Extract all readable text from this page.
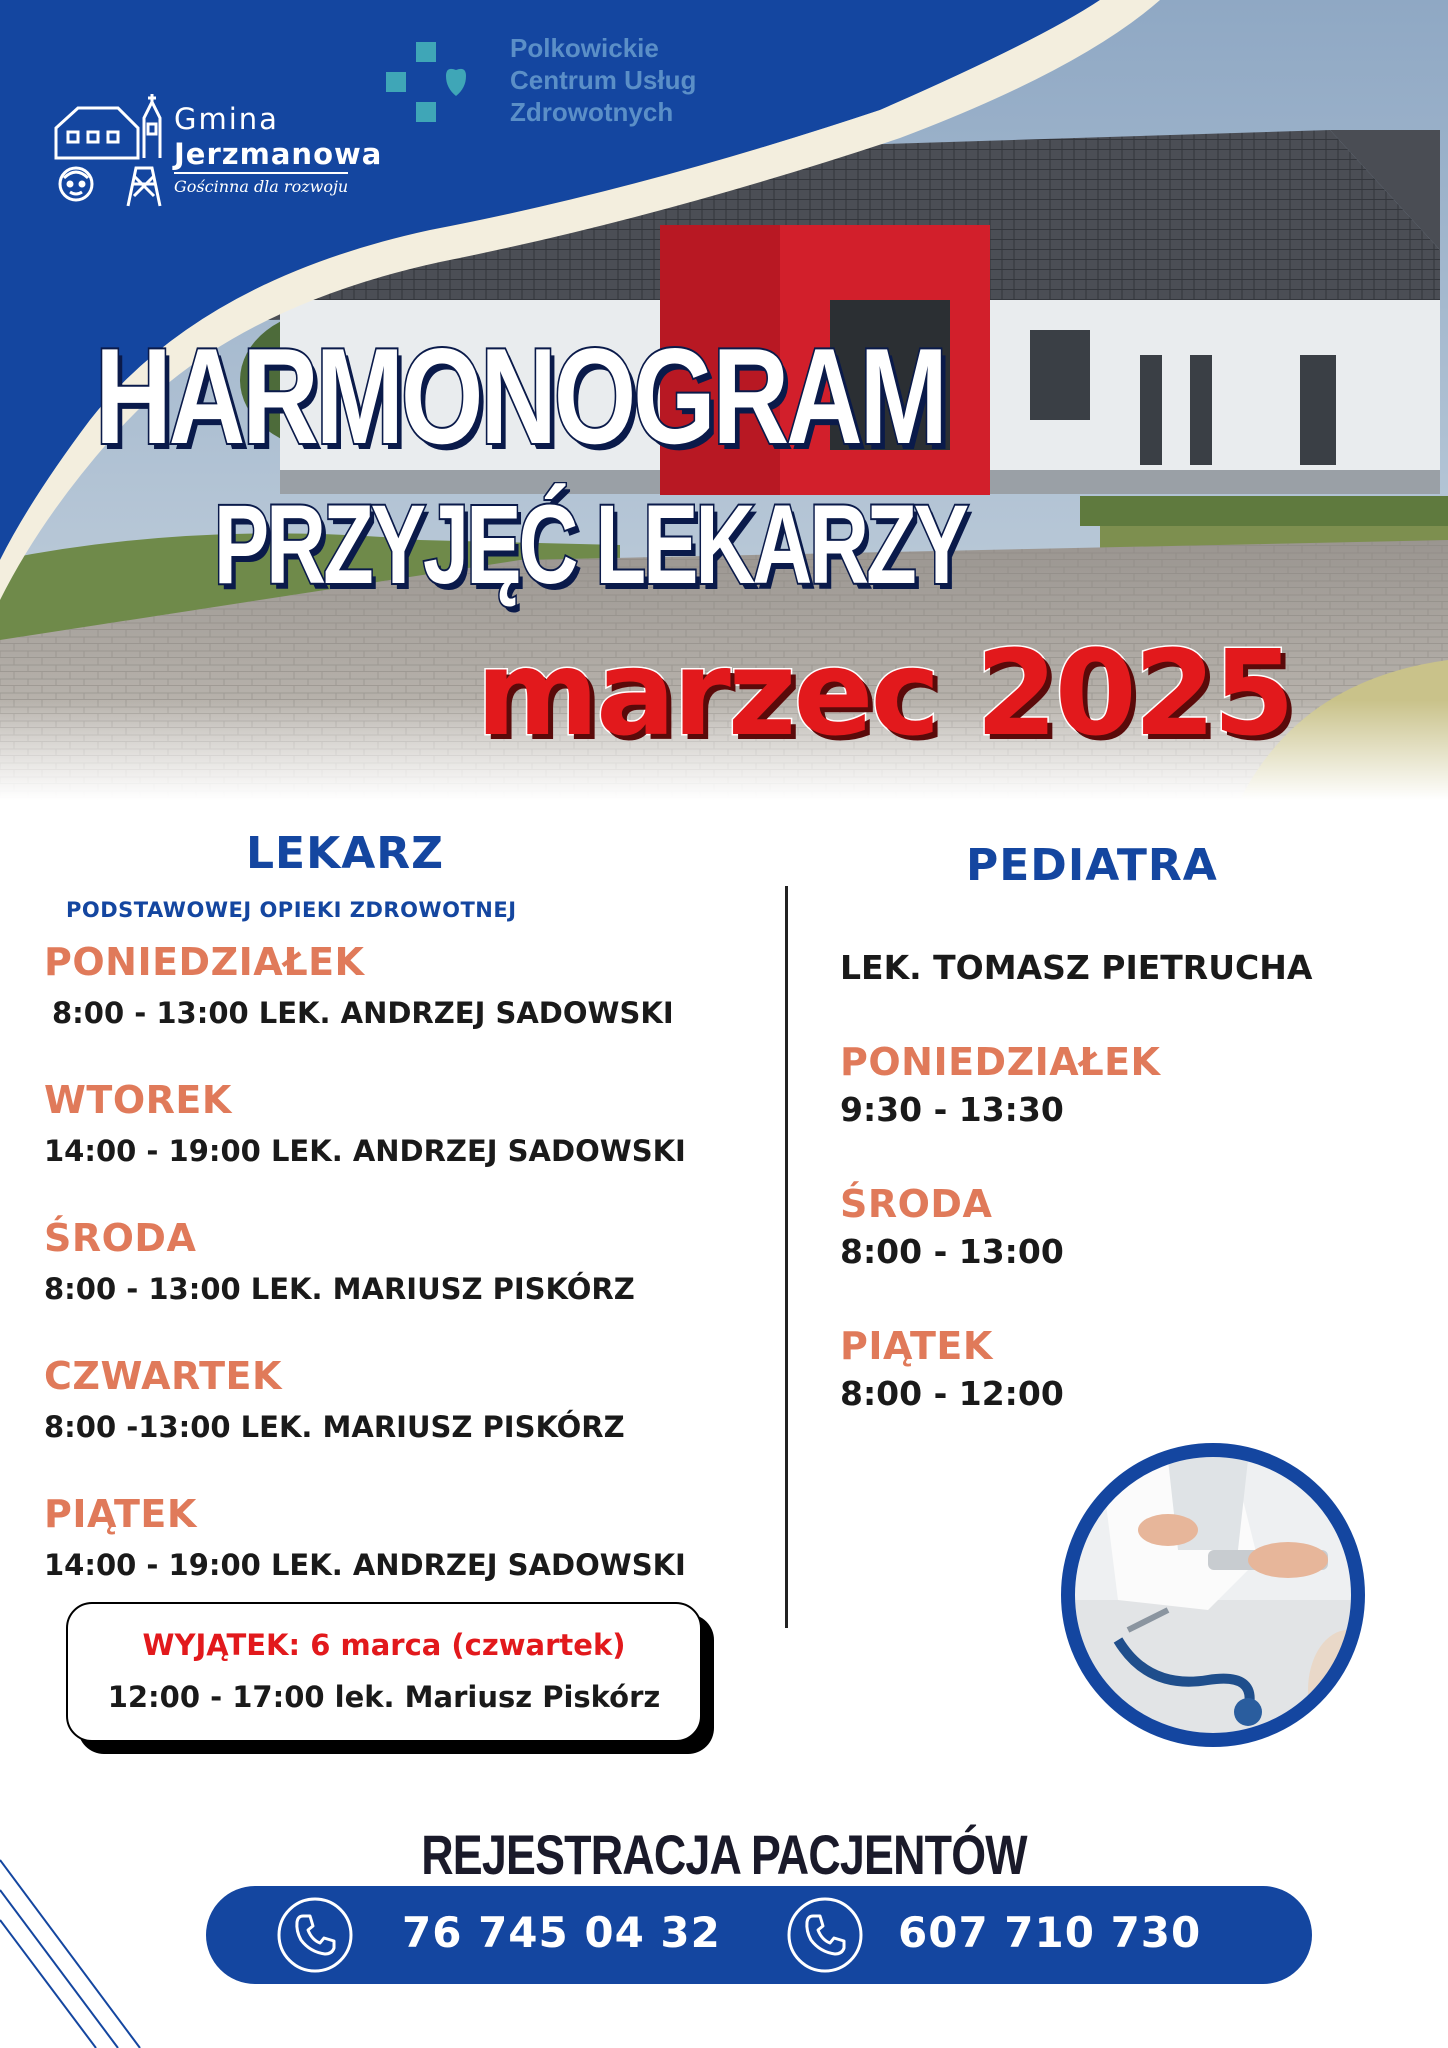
Gmina
Jerzmanowa
Gościnna dla rozwoju
Polkowickie
Centrum Usług
Zdrowotnych
HARMONOGRAM
PRZYJĘĆ LEKARZY
marzec 2025
LEKARZ
PODSTAWOWEJ OPIEKI ZDROWOTNEJ
PONIEDZIAŁEK
8:00 - 13:00 LEK. ANDRZEJ SADOWSKI
WTOREK
14:00 - 19:00 LEK. ANDRZEJ SADOWSKI
ŚRODA
8:00 - 13:00 LEK. MARIUSZ PISKÓRZ
CZWARTEK
8:00 -13:00 LEK. MARIUSZ PISKÓRZ
PIĄTEK
14:00 - 19:00 LEK. ANDRZEJ SADOWSKI
WYJĄTEK: 6 marca (czwartek)
12:00 - 17:00 lek. Mariusz Piskórz
PEDIATRA
LEK. TOMASZ PIETRUCHA
PONIEDZIAŁEK
9:30 - 13:30
ŚRODA
8:00 - 13:00
PIĄTEK
8:00 - 12:00
REJESTRACJA PACJENTÓW
76 745 04 32	607 710 730
